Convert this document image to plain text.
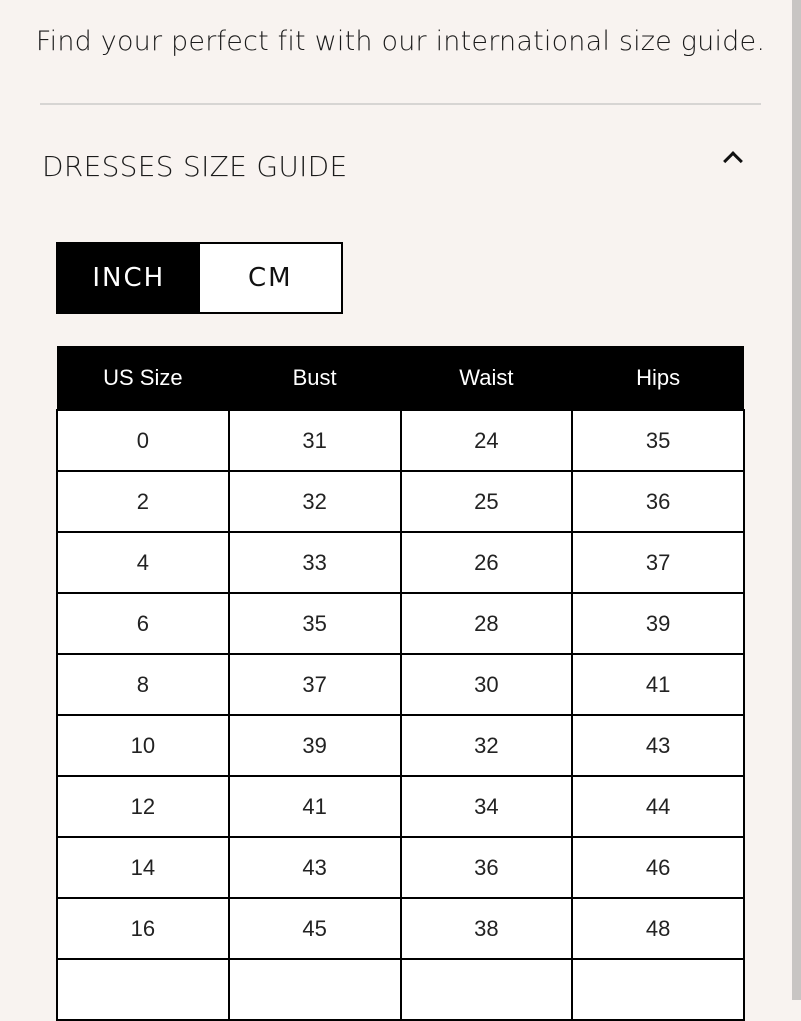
Find your perfect fit with our international size guide.
DRESSES SIZE GUIDE
INCH	CM
US Size	Bust	Waist	Hips
0	31	24	35
2	32	25	36
4	33	26	37
6	35	28	39
8	37	30	41
10	39	32	43
12	41	34	44
14	43	36	46
16	45	38	48
